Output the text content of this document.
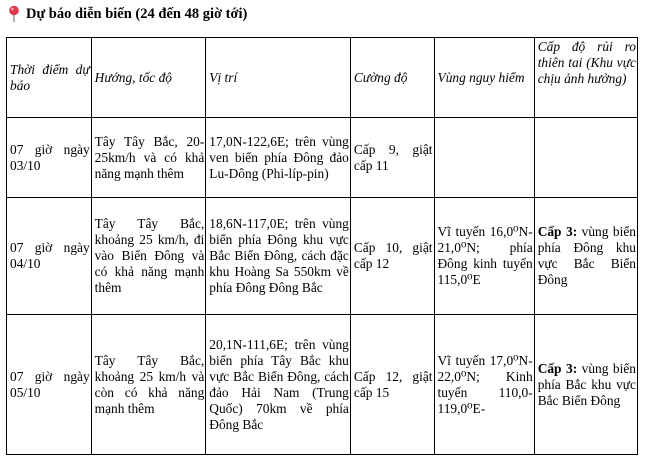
Dự báo diễn biến (24 đến 48 giờ tới)
Thời điểm dự báo	Hướng, tốc độ	Vị trí	Cường độ	Vùng nguy hiểm	Cấp độ rủi ro thiên tai (Khu vực chịu ảnh hưởng)
07 giờ ngày 03/10	Tây Tây Bắc, 20-25km/h và có khả năng mạnh thêm	17,0N-122,6E; trên vùng ven biển phía Đông đảo Lu-Dông (Phi-líp-pin)	Cấp 9, giật cấp 11		
07 giờ ngày 04/10	Tây Tây Bắc, khoảng 25 km/h, đi vào Biển Đông và có khả năng mạnh thêm	18,6N-117,0E; trên vùng biển phía Đông khu vực Bắc Biển Đông, cách đặc khu Hoàng Sa 550km về phía Đông Đông Bắc	Cấp 10, giật cấp 12	Vĩ tuyến 16,0⁰N-21,0⁰N; phía Đông kinh tuyến 115,0⁰E	Cấp 3: vùng biển phía Đông khu vực Bắc Biển Đông
07 giờ ngày 05/10	Tây Tây Bắc, khoảng 25 km/h và còn có khả năng mạnh thêm	20,1N-111,6E; trên vùng biển phía Tây Bắc khu vực Bắc Biển Đông, cách đảo Hải Nam (Trung Quốc) 70km về phía Đông Bắc	Cấp 12, giật cấp 15	Vĩ tuyến 17,0⁰N-22,0⁰N; Kinh tuyến 110,0- 119,0⁰E-	Cấp 3: vùng biển phía Bắc khu vực Bắc Biển Đông
